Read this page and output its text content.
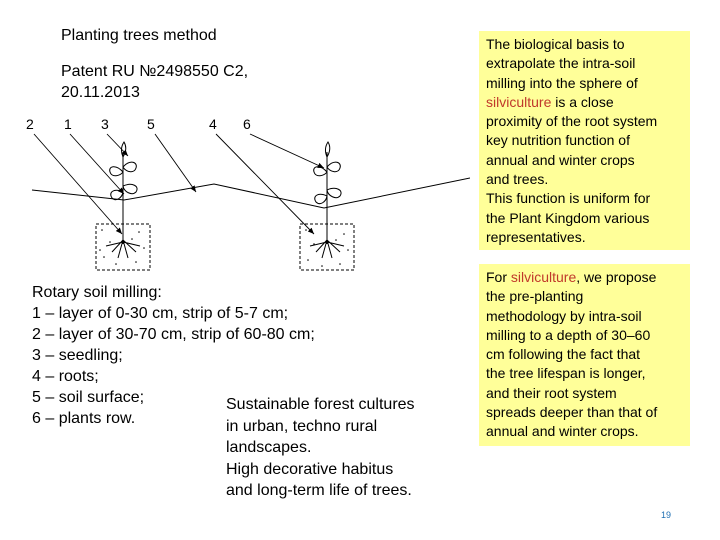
Planting trees method
Patent RU №2498550 C2,
20.11.2013
2 1 3	5	4 6
Rotary soil milling:
1 – layer of 0-30 cm, strip of 5-7 cm;
2 – layer of 30-70 cm, strip of 60-80 cm;
3 – seedling;
4 – roots;
5 – soil surface;
6 – plants row.
Sustainable forest cultures
in urban, techno rural
landscapes.
High decorative habitus
and long-term life of trees.
The biological basis to
extrapolate the intra-soil
milling into the sphere of
silviculture is a close
proximity of the root system
key nutrition function of
annual and winter crops
and trees.
This function is uniform for
the Plant Kingdom various
representatives.
For silviculture, we propose
the pre-planting
methodology by intra-soil
milling to a depth of 30–60
cm following the fact that
the tree lifespan is longer,
and their root system
spreads deeper than that of
annual and winter crops.
19
